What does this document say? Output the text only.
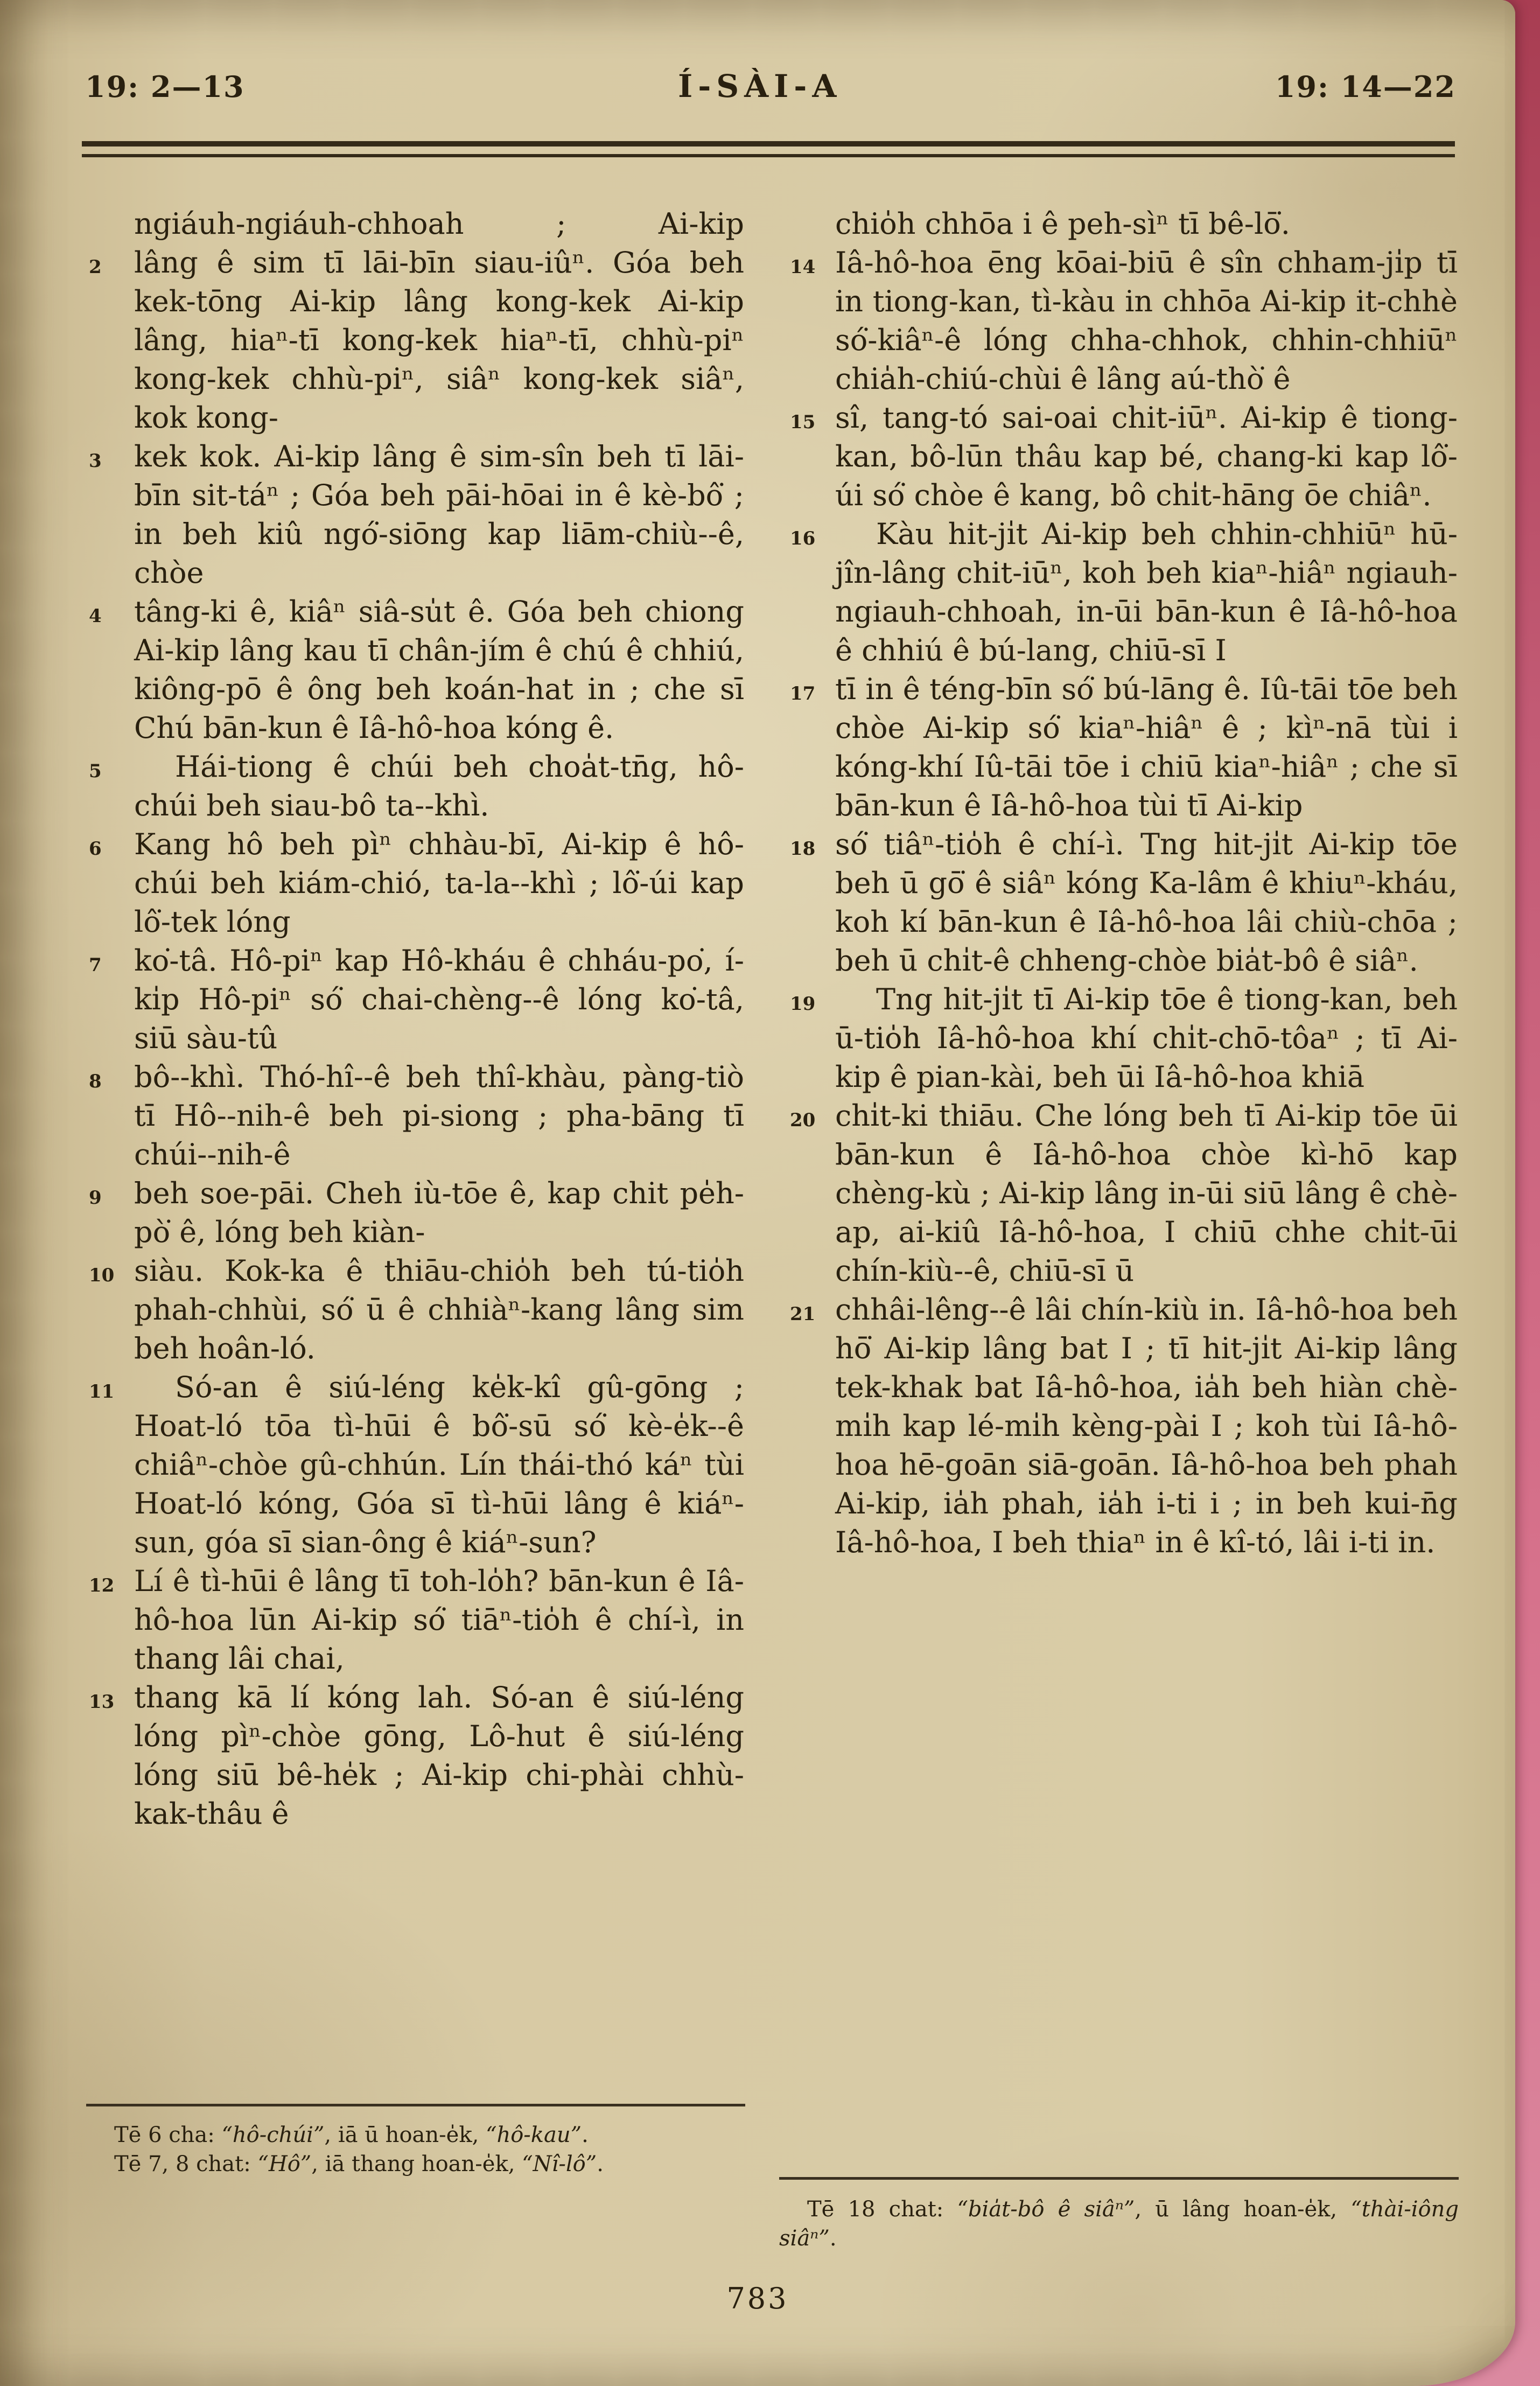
19: 2—13	Í-SÀI-A	19: 14—22

ngiáuh-ngiáuh-chhoah ; Ai-kip

2 lâng ê sim tī lāi-bīn siau-iûⁿ. Góa beh kek-tōng Ai-kip lâng kong-kek Ai-kip lâng, hiaⁿ-tī kong-kek hiaⁿ-tī, chhù-piⁿ kong-kek chhù-piⁿ, siâⁿ kong-kek siâⁿ, kok kong-

3 kek kok. Ai-kip lâng ê sim-sîn beh tī lāi-bīn sit-táⁿ ; Góa beh pāi-hōai in ê kè-bô͘ ; in beh kiû ngó͘-siōng kap liām-chiù--ê, chòe

4 tâng-ki ê, kiâⁿ siâ-su̍t ê. Góa beh chiong Ai-kip lâng kau tī chân-jím ê chú ê chhiú, kiông-pō ê ông beh koán-hat in ; che sī Chú bān-kun ê Iâ-hô-hoa kóng ê.

5	Hái-tiong ê chúi beh choa̍t-tn̄g, hô-chúi beh siau-bô ta--khì.

6 Kang hô beh pìⁿ chhàu-bī, Ai-kip ê hô-chúi beh kiám-chió, ta-la--khì ; lô͘-úi kap lô͘-tek lóng

7 ko͘-tâ. Hô-piⁿ kap Hô-kháu ê chháu-po͘, í-ki̍p Hô-piⁿ só͘ chai-chèng--ê lóng ko͘-tâ, siū sàu-tû

8 bô--khì. Thó-hî--ê beh thî-khàu, pàng-tiò tī Hô--nih-ê beh pi-siong ; pha-bāng tī chúi--nih-ê

9 beh soe-pāi. Cheh iù-tōe ê, kap chit pe̍h-pò͘ ê, lóng beh kiàn-

10 siàu. Kok-ka ê thiāu-chio̍h beh tú-tio̍h phah-chhùi, só͘ ū ê chhiàⁿ-kang lâng sim beh hoân-ló.

11 Só-an ê siú-léng ke̍k-kî gû-gōng ; Hoat-ló tōa tì-hūi ê bô͘-sū só͘ kè-e̍k--ê chiâⁿ-chòe gû-chhún. Lín thái-thó káⁿ tùi Hoat-ló kóng, Góa sī tì-hūi lâng ê kiáⁿ-sun, góa sī sian-ông ê kiáⁿ-sun?

12 Lí ê tì-hūi ê lâng tī toh-lo̍h? bān-kun ê Iâ-hô-hoa lūn Ai-kip só͘ tiāⁿ-tio̍h ê chí-ì, in thang lâi chai,

13 thang kā lí kóng lah. Só-an ê siú-léng lóng pìⁿ-chòe gōng, Lô-hut ê siú-léng lóng siū bê-he̍k ; Ai-kip chi-phài chhù-kak-thâu ê

chio̍h chhōa i ê peh-sìⁿ tī bê-lō͘.

14 Iâ-hô-hoa ēng kōai-biū ê sîn chham-ji̍p tī in tiong-kan, tì-kàu in chhōa Ai-kip it-chhè só͘-kiâⁿ-ê lóng chha-chhok, chhin-chhiūⁿ chia̍h-chiú-chùi ê lâng aú-thò͘ ê

15 sî, tang-tó sai-oai chit-iūⁿ. Ai-kip ê tiong-kan, bô-lūn thâu kap bé, chang-ki kap lô͘-úi só͘ chòe ê kang, bô chi̍t-hāng ōe chiâⁿ.

16 Kàu hit-ji̍t Ai-kip beh chhin-chhiūⁿ hū-jîn-lâng chit-iūⁿ, koh beh kiaⁿ-hiâⁿ ngiauh-ngiauh-chhoah, in-ūi bān-kun ê Iâ-hô-hoa ê chhiú ê bú-lang, chiū-sī I

17 tī in ê téng-bīn só͘ bú-lāng ê. Iû-tāi tōe beh chòe Ai-kip só͘ kiaⁿ-hiâⁿ ê ; kìⁿ-nā tùi i kóng-khí Iû-tāi tōe i chiū kiaⁿ-hiâⁿ ; che sī bān-kun ê Iâ-hô-hoa tùi tī Ai-kip

18 só͘ tiâⁿ-tio̍h ê chí-ì. Tng hit-ji̍t Ai-kip tōe beh ū gō͘ ê siâⁿ kóng Ka-lâm ê khiuⁿ-kháu, koh kí bān-kun ê Iâ-hô-hoa lâi chiù-chōa ; beh ū chi̍t-ê chheng-chòe bia̍t-bô ê siâⁿ.

19 Tng hit-ji̍t tī Ai-kip tōe ê tiong-kan, beh ū-tio̍h Iâ-hô-hoa khí chi̍t-chō-tôaⁿ ; tī Ai-kip ê pian-kài, beh ūi Iâ-hô-hoa khiā

20 chi̍t-ki thiāu. Che lóng beh tī Ai-kip tōe ūi bān-kun ê Iâ-hô-hoa chòe kì-hō kap chèng-kù ; Ai-kip lâng in-ūi siū lâng ê chè-ap, ai-kiû Iâ-hô-hoa, I chiū chhe chi̍t-ūi chín-kiù--ê, chiū-sī ū

21 chhâi-lêng--ê lâi chín-kiù in. Iâ-hô-hoa beh hō͘ Ai-kip lâng bat I ; tī hit-ji̍t Ai-kip lâng tek-khak bat Iâ-hô-hoa, ia̍h beh hiàn chè-mi̍h kap lé-mi̍h kèng-pài I ; koh tùi Iâ-hô-hoa hē-goān siā-goān. Iâ-hô-hoa beh phah Ai-kip, ia̍h phah, ia̍h i-ti i ; in beh kui-n̄g Iâ-hô-hoa, I beh thiaⁿ in ê kî-tó, lâi i-ti in.

Tē 6 cha: “hô-chúi”, iā ū hoan-e̍k, “hô-kau”.

Tē 7, 8 chat: “Hô”, iā thang hoan-e̍k, “Nî-lô”.

Tē 18 chat: “bia̍t-bô ê siâⁿ”, ū lâng hoan-e̍k, “thài-iông siâⁿ”.

783
